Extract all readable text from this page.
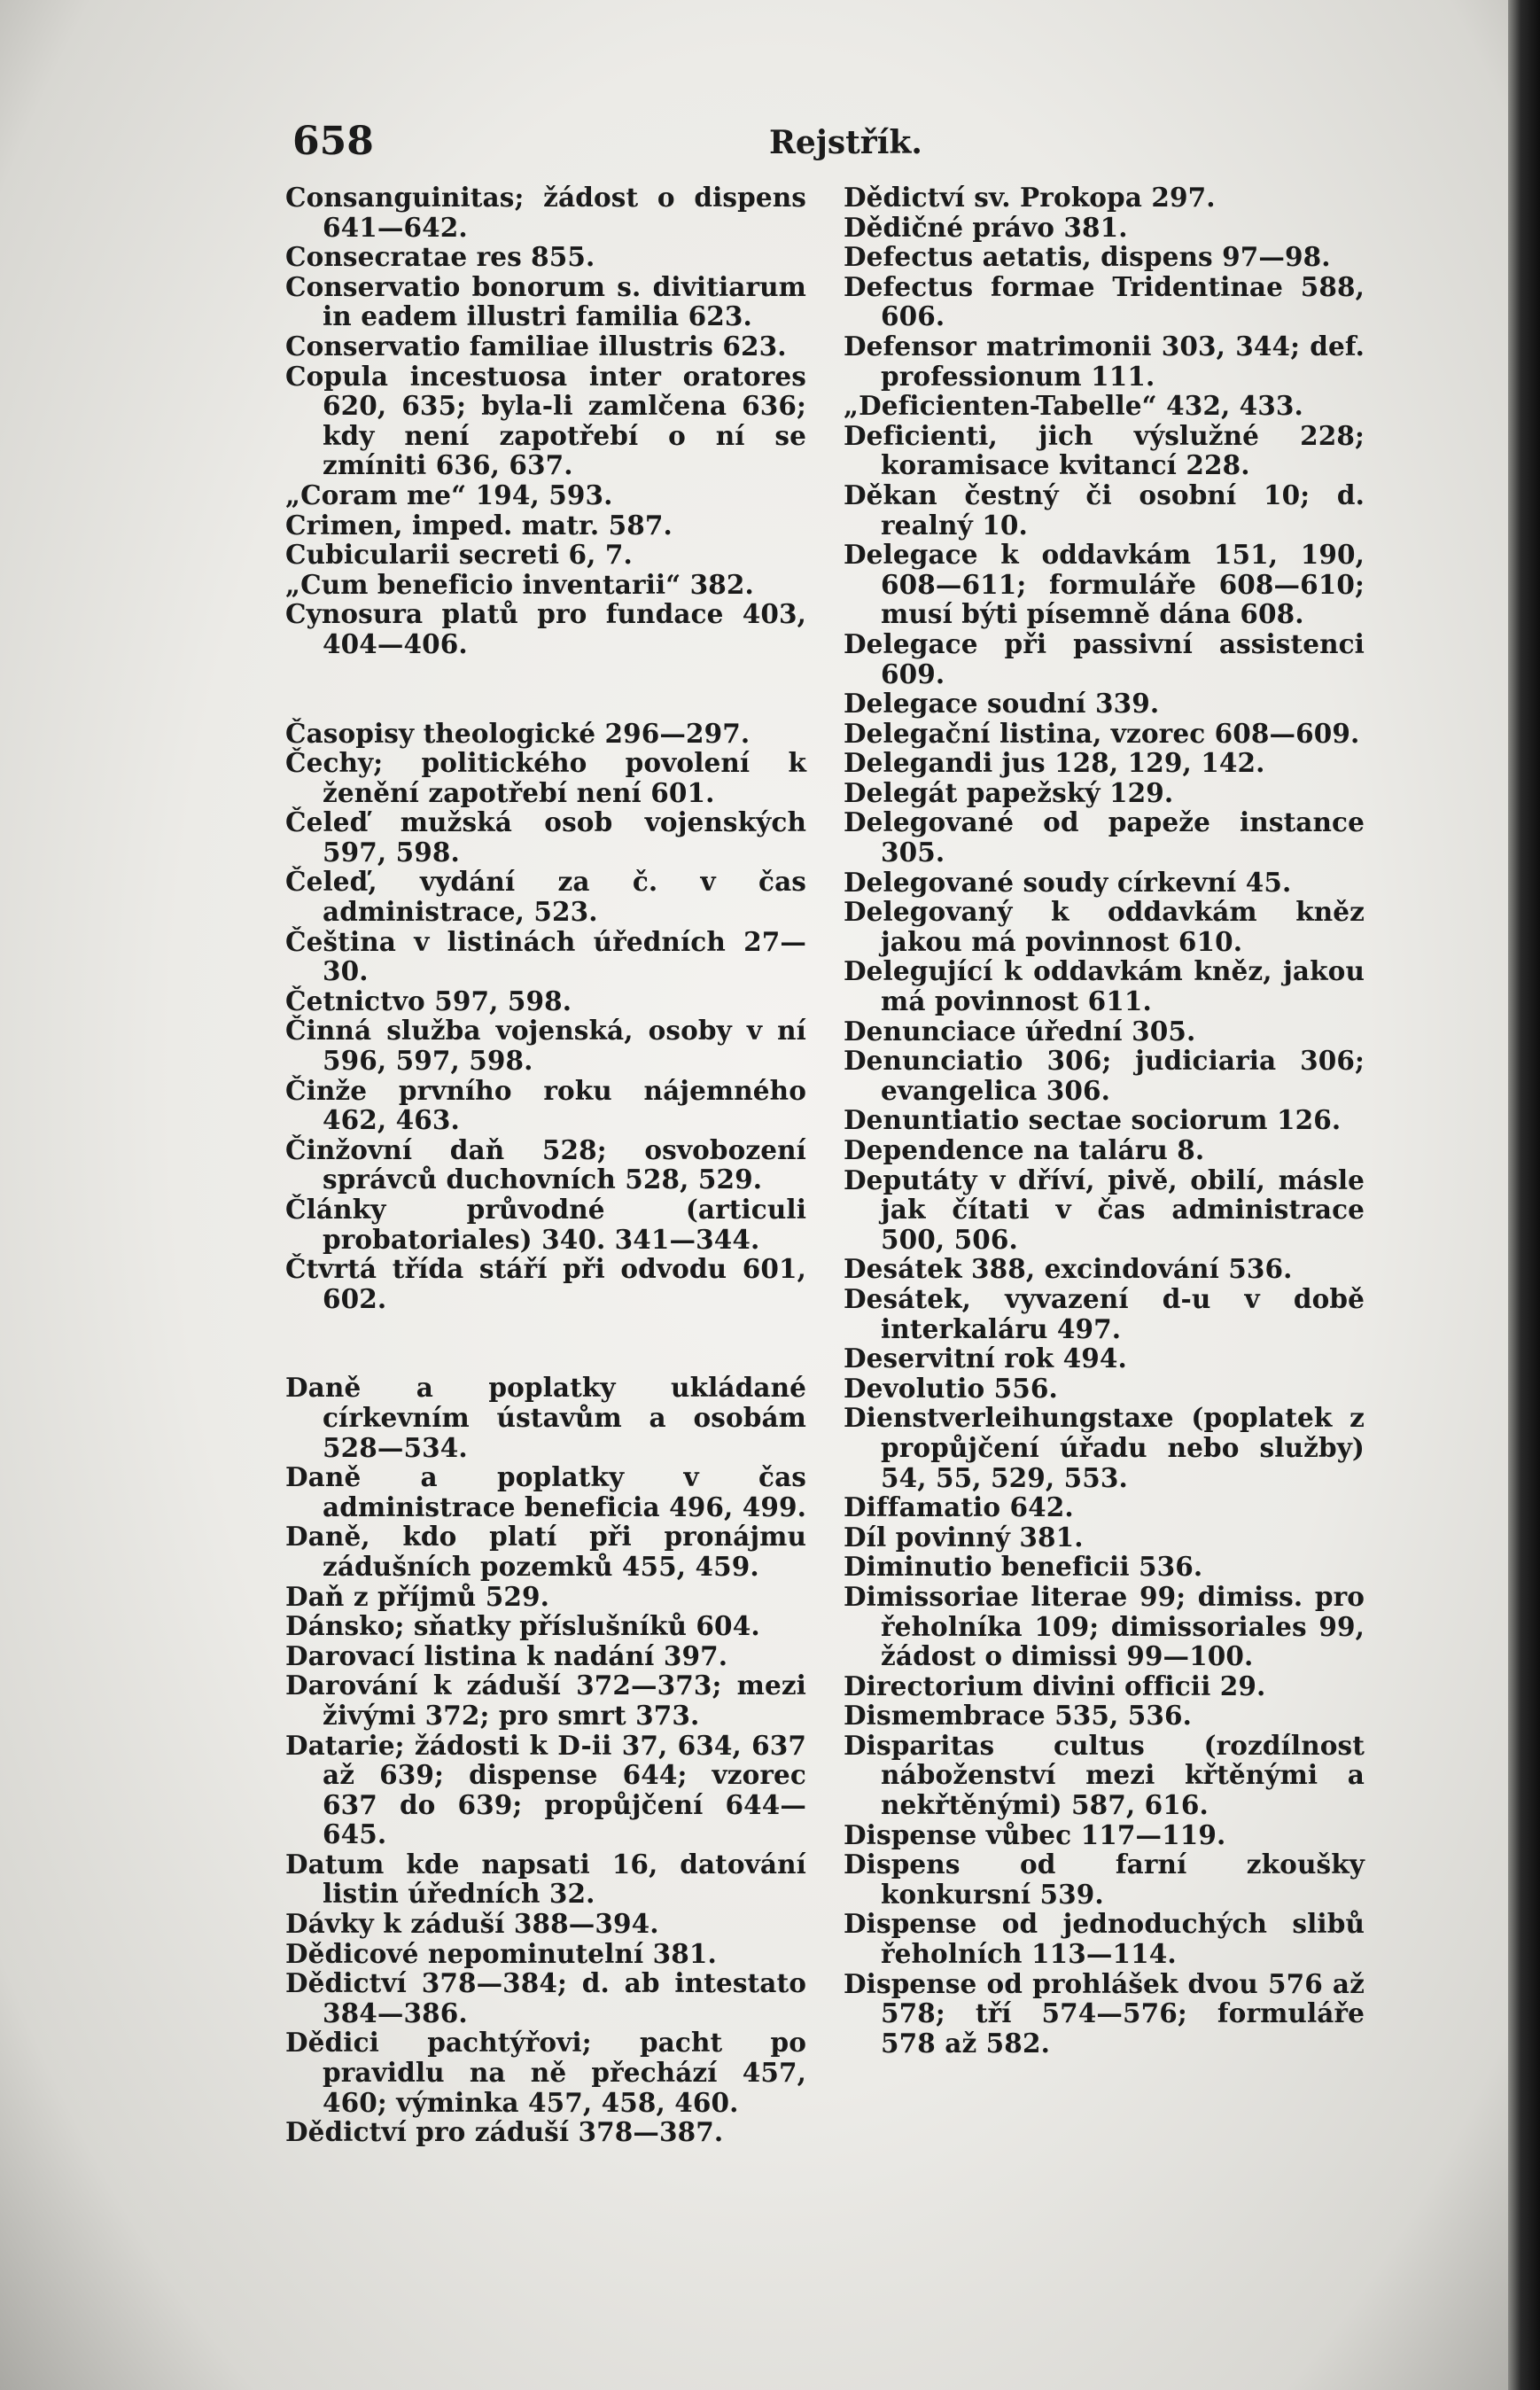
658	Rejstřík.

Consanguinitas; žádost o dispens 641—642.

Consecratae res 855.

Conservatio bonorum s. divitiarum in eadem illustri familia 623.

Conservatio familiae illustris 623.

Copula incestuosa inter oratores 620, 635; byla-li zamlčena 636; kdy není zapotřebí o ní se zmíniti 636, 637.

„Coram me“ 194, 593.

Crimen, imped. matr. 587.

Cubicularii secreti 6, 7.

„Cum beneficio inventarii“ 382.

Cynosura platů pro fundace 403, 404—406.

Časopisy theologické 296—297.

Čechy; politického povolení k ženění zapotřebí není 601.

Čeleď mužská osob vojenských 597, 598.

Čeleď, vydání za č. v čas administrace, 523.

Čeština v listinách úředních 27—30.

Četnictvo 597, 598.

Činná služba vojenská, osoby v ní 596, 597, 598.

Činže prvního roku nájemného 462, 463.

Činžovní daň 528; osvobození správců duchovních 528, 529.

Články průvodné (articuli probatoriales) 340. 341—344.

Čtvrtá třída stáří při odvodu 601, 602.

Daně a poplatky ukládané církevním ústavům a osobám 528—534.

Daně a poplatky v čas administrace beneficia 496, 499.

Daně, kdo platí při pronájmu zádušních pozemků 455, 459.

Daň z příjmů 529.

Dánsko; sňatky příslušníků 604.

Darovací listina k nadání 397.

Darování k záduší 372—373; mezi živými 372; pro smrt 373.

Datarie; žádosti k D-ii 37, 634, 637 až 639; dispense 644; vzorec 637 do 639; propůjčení 644—645.

Datum kde napsati 16, datování listin úředních 32.

Dávky k záduší 388—394.

Dědicové nepominutelní 381.

Dědictví 378—384; d. ab intestato 384—386.

Dědici pachtýřovi; pacht po pravidlu na ně přechází 457, 460; výminka 457, 458, 460.

Dědictví pro záduší 378—387.

Dědictví sv. Prokopa 297.

Dědičné právo 381.

Defectus aetatis, dispens 97—98.

Defectus formae Tridentinae 588, 606.

Defensor matrimonii 303, 344; def. professionum 111.

„Deficienten-Tabelle“ 432, 433.

Deficienti, jich výslužné 228; koramisace kvitancí 228.

Děkan čestný či osobní 10; d. realný 10.

Delegace k oddavkám 151, 190, 608—611; formuláře 608—610; musí býti písemně dána 608.

Delegace při passivní assistenci 609.

Delegace soudní 339.

Delegační listina, vzorec 608—609.

Delegandi jus 128, 129, 142.

Delegát papežský 129.

Delegované od papeže instance 305.

Delegované soudy církevní 45.

Delegovaný k oddavkám kněz jakou má povinnost 610.

Delegující k oddavkám kněz, jakou má povinnost 611.

Denunciace úřední 305.

Denunciatio 306; judiciaria 306; evangelica 306.

Denuntiatio sectae sociorum 126.

Dependence na taláru 8.

Deputáty v dříví, pivě, obilí, másle jak čítati v čas administrace 500, 506.

Desátek 388, excindování 536.

Desátek, vyvazení d-u v době interkaláru 497.

Deservitní rok 494.

Devolutio 556.

Dienstverleihungstaxe (poplatek z propůjčení úřadu nebo služby) 54, 55, 529, 553.

Diffamatio 642.

Díl povinný 381.

Diminutio beneficii 536.

Dimissoriae literae 99; dimiss. pro řeholníka 109; dimissoriales 99, žádost o dimissi 99—100.

Directorium divini officii 29.

Dismembrace 535, 536.

Disparitas cultus (rozdílnost náboženství mezi křtěnými a nekřtěnými) 587, 616.

Dispense vůbec 117—119.

Dispens od farní zkoušky konkursní 539.

Dispense od jednoduchých slibů řeholních 113—114.

Dispense od prohlášek dvou 576 až 578; tří 574—576; formuláře 578 až 582.
